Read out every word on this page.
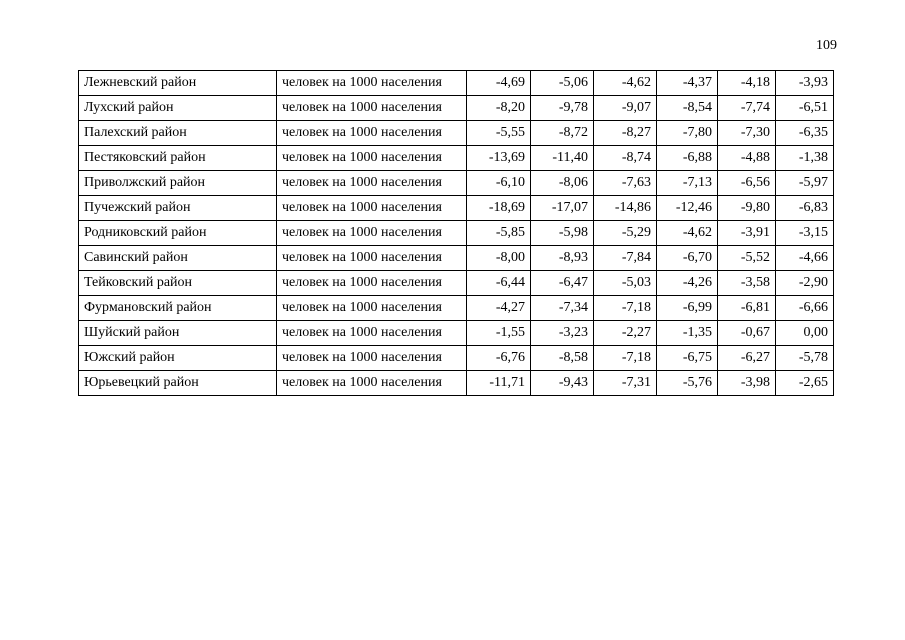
109
Лежневский район	человек на 1000 населения	-4,69	-5,06	-4,62	-4,37	-4,18	-3,93
Лухский район	человек на 1000 населения	-8,20	-9,78	-9,07	-8,54	-7,74	-6,51
Палехский район	человек на 1000 населения	-5,55	-8,72	-8,27	-7,80	-7,30	-6,35
Пестяковский район	человек на 1000 населения	-13,69	-11,40	-8,74	-6,88	-4,88	-1,38
Приволжский район	человек на 1000 населения	-6,10	-8,06	-7,63	-7,13	-6,56	-5,97
Пучежский район	человек на 1000 населения	-18,69	-17,07	-14,86	-12,46	-9,80	-6,83
Родниковский район	человек на 1000 населения	-5,85	-5,98	-5,29	-4,62	-3,91	-3,15
Савинский район	человек на 1000 населения	-8,00	-8,93	-7,84	-6,70	-5,52	-4,66
Тейковский район	человек на 1000 населения	-6,44	-6,47	-5,03	-4,26	-3,58	-2,90
Фурмановский район	человек на 1000 населения	-4,27	-7,34	-7,18	-6,99	-6,81	-6,66
Шуйский район	человек на 1000 населения	-1,55	-3,23	-2,27	-1,35	-0,67	0,00
Южский район	человек на 1000 населения	-6,76	-8,58	-7,18	-6,75	-6,27	-5,78
Юрьевецкий район	человек на 1000 населения	-11,71	-9,43	-7,31	-5,76	-3,98	-2,65
